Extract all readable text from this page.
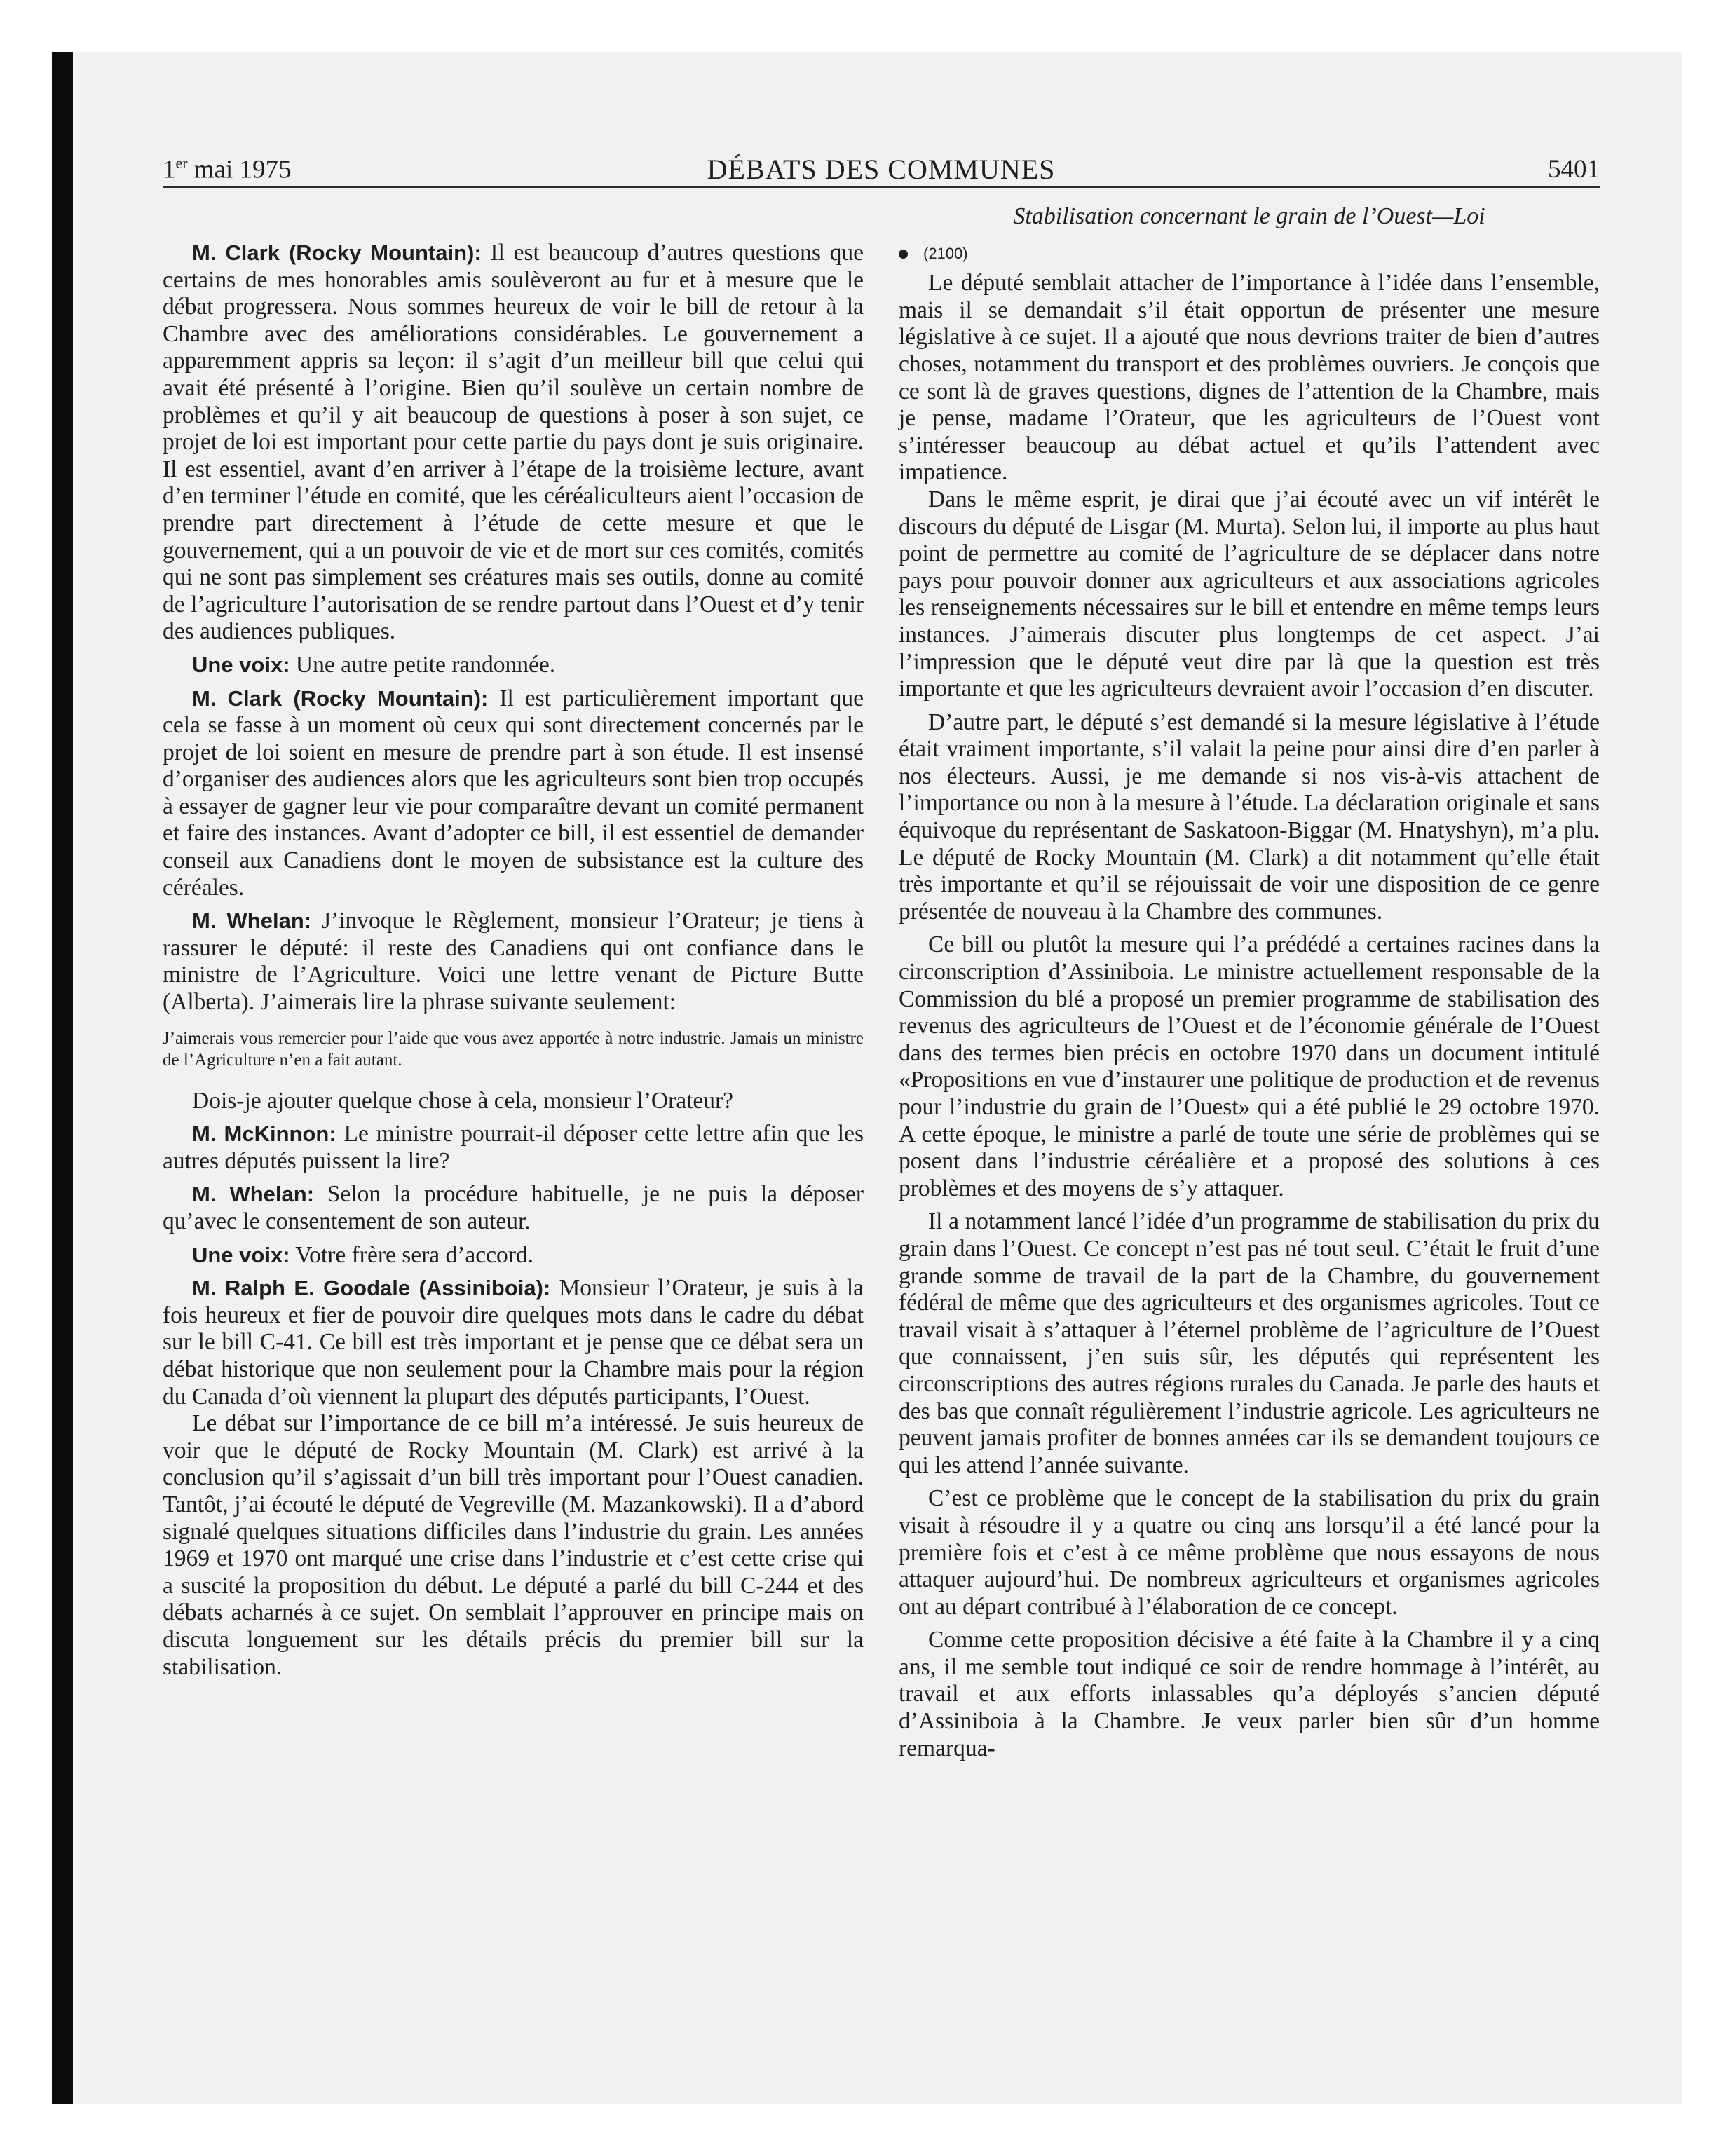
1er mai 1975	DÉBATS DES COMMUNES	5401

M. Clark (Rocky Mountain): Il est beaucoup d’autres questions que certains de mes honorables amis soulèveront au fur et à mesure que le débat progressera. Nous sommes heureux de voir le bill de retour à la Chambre avec des améliorations considérables. Le gouvernement a apparemment appris sa leçon: il s’agit d’un meilleur bill que celui qui avait été présenté à l’origine. Bien qu’il soulève un certain nombre de problèmes et qu’il y ait beaucoup de questions à poser à son sujet, ce projet de loi est important pour cette partie du pays dont je suis originaire. Il est essentiel, avant d’en arriver à l’étape de la troisième lecture, avant d’en terminer l’étude en comité, que les céréaliculteurs aient l’occasion de prendre part directement à l’étude de cette mesure et que le gouvernement, qui a un pouvoir de vie et de mort sur ces comités, comités qui ne sont pas simplement ses créatures mais ses outils, donne au comité de l’agriculture l’autorisation de se rendre partout dans l’Ouest et d’y tenir des audiences publiques.

Une voix: Une autre petite randonnée.

M. Clark (Rocky Mountain): Il est particulièrement important que cela se fasse à un moment où ceux qui sont directement concernés par le projet de loi soient en mesure de prendre part à son étude. Il est insensé d’organiser des audiences alors que les agriculteurs sont bien trop occupés à essayer de gagner leur vie pour comparaître devant un comité permanent et faire des instances. Avant d’adopter ce bill, il est essentiel de demander conseil aux Canadiens dont le moyen de subsistance est la culture des céréales.

M. Whelan: J’invoque le Règlement, monsieur l’Orateur; je tiens à rassurer le député: il reste des Canadiens qui ont confiance dans le ministre de l’Agriculture. Voici une lettre venant de Picture Butte (Alberta). J’aimerais lire la phrase suivante seulement:

J’aimerais vous remercier pour l’aide que vous avez apportée à notre industrie. Jamais un ministre de l’Agriculture n’en a fait autant.

Dois-je ajouter quelque chose à cela, monsieur l’Orateur?

M. McKinnon: Le ministre pourrait-il déposer cette lettre afin que les autres députés puissent la lire?

M. Whelan: Selon la procédure habituelle, je ne puis la déposer qu’avec le consentement de son auteur.

Une voix: Votre frère sera d’accord.

M. Ralph E. Goodale (Assiniboia): Monsieur l’Orateur, je suis à la fois heureux et fier de pouvoir dire quelques mots dans le cadre du débat sur le bill C-41. Ce bill est très important et je pense que ce débat sera un débat historique que non seulement pour la Chambre mais pour la région du Canada d’où viennent la plupart des députés participants, l’Ouest.

Le débat sur l’importance de ce bill m’a intéressé. Je suis heureux de voir que le député de Rocky Mountain (M. Clark) est arrivé à la conclusion qu’il s’agissait d’un bill très important pour l’Ouest canadien. Tantôt, j’ai écouté le député de Vegreville (M. Mazankowski). Il a d’abord signalé quelques situations difficiles dans l’industrie du grain. Les années 1969 et 1970 ont marqué une crise dans l’industrie et c’est cette crise qui a suscité la proposition du début. Le député a parlé du bill C-244 et des débats acharnés à ce sujet. On semblait l’approuver en principe mais on discuta longuement sur les détails précis du premier bill sur la stabilisation.

Stabilisation concernant le grain de l’Ouest—Loi
(2100)

Le député semblait attacher de l’importance à l’idée dans l’ensemble, mais il se demandait s’il était opportun de présenter une mesure législative à ce sujet. Il a ajouté que nous devrions traiter de bien d’autres choses, notamment du transport et des problèmes ouvriers. Je conçois que ce sont là de graves questions, dignes de l’attention de la Chambre, mais je pense, madame l’Orateur, que les agriculteurs de l’Ouest vont s’intéresser beaucoup au débat actuel et qu’ils l’attendent avec impatience.

Dans le même esprit, je dirai que j’ai écouté avec un vif intérêt le discours du député de Lisgar (M. Murta). Selon lui, il importe au plus haut point de permettre au comité de l’agriculture de se déplacer dans notre pays pour pouvoir donner aux agriculteurs et aux associations agricoles les renseignements nécessaires sur le bill et entendre en même temps leurs instances. J’aimerais discuter plus longtemps de cet aspect. J’ai l’impression que le député veut dire par là que la question est très importante et que les agriculteurs devraient avoir l’occasion d’en discuter.

D’autre part, le député s’est demandé si la mesure législative à l’étude était vraiment importante, s’il valait la peine pour ainsi dire d’en parler à nos électeurs. Aussi, je me demande si nos vis-à-vis attachent de l’importance ou non à la mesure à l’étude. La déclaration originale et sans équivoque du représentant de Saskatoon-Biggar (M. Hnatyshyn), m’a plu. Le député de Rocky Mountain (M. Clark) a dit notamment qu’elle était très importante et qu’il se réjouissait de voir une disposition de ce genre présentée de nouveau à la Chambre des communes.

Ce bill ou plutôt la mesure qui l’a prédédé a certaines racines dans la circonscription d’Assiniboia. Le ministre actuellement responsable de la Commission du blé a proposé un premier programme de stabilisation des revenus des agriculteurs de l’Ouest et de l’économie générale de l’Ouest dans des termes bien précis en octobre 1970 dans un document intitulé «Propositions en vue d’instaurer une politique de production et de revenus pour l’industrie du grain de l’Ouest» qui a été publié le 29 octobre 1970. A cette époque, le ministre a parlé de toute une série de problèmes qui se posent dans l’industrie céréalière et a proposé des solutions à ces problèmes et des moyens de s’y attaquer.

Il a notamment lancé l’idée d’un programme de stabilisation du prix du grain dans l’Ouest. Ce concept n’est pas né tout seul. C’était le fruit d’une grande somme de travail de la part de la Chambre, du gouvernement fédéral de même que des agriculteurs et des organismes agricoles. Tout ce travail visait à s’attaquer à l’éternel problème de l’agriculture de l’Ouest que connaissent, j’en suis sûr, les députés qui représentent les circonscriptions des autres régions rurales du Canada. Je parle des hauts et des bas que connaît régulièrement l’industrie agricole. Les agriculteurs ne peuvent jamais profiter de bonnes années car ils se demandent toujours ce qui les attend l’année suivante.

C’est ce problème que le concept de la stabilisation du prix du grain visait à résoudre il y a quatre ou cinq ans lorsqu’il a été lancé pour la première fois et c’est à ce même problème que nous essayons de nous attaquer aujourd’hui. De nombreux agriculteurs et organismes agricoles ont au départ contribué à l’élaboration de ce concept.

Comme cette proposition décisive a été faite à la Chambre il y a cinq ans, il me semble tout indiqué ce soir de rendre hommage à l’intérêt, au travail et aux efforts inlassables qu’a déployés s’ancien député d’Assiniboia à la Chambre. Je veux parler bien sûr d’un homme remarqua-
